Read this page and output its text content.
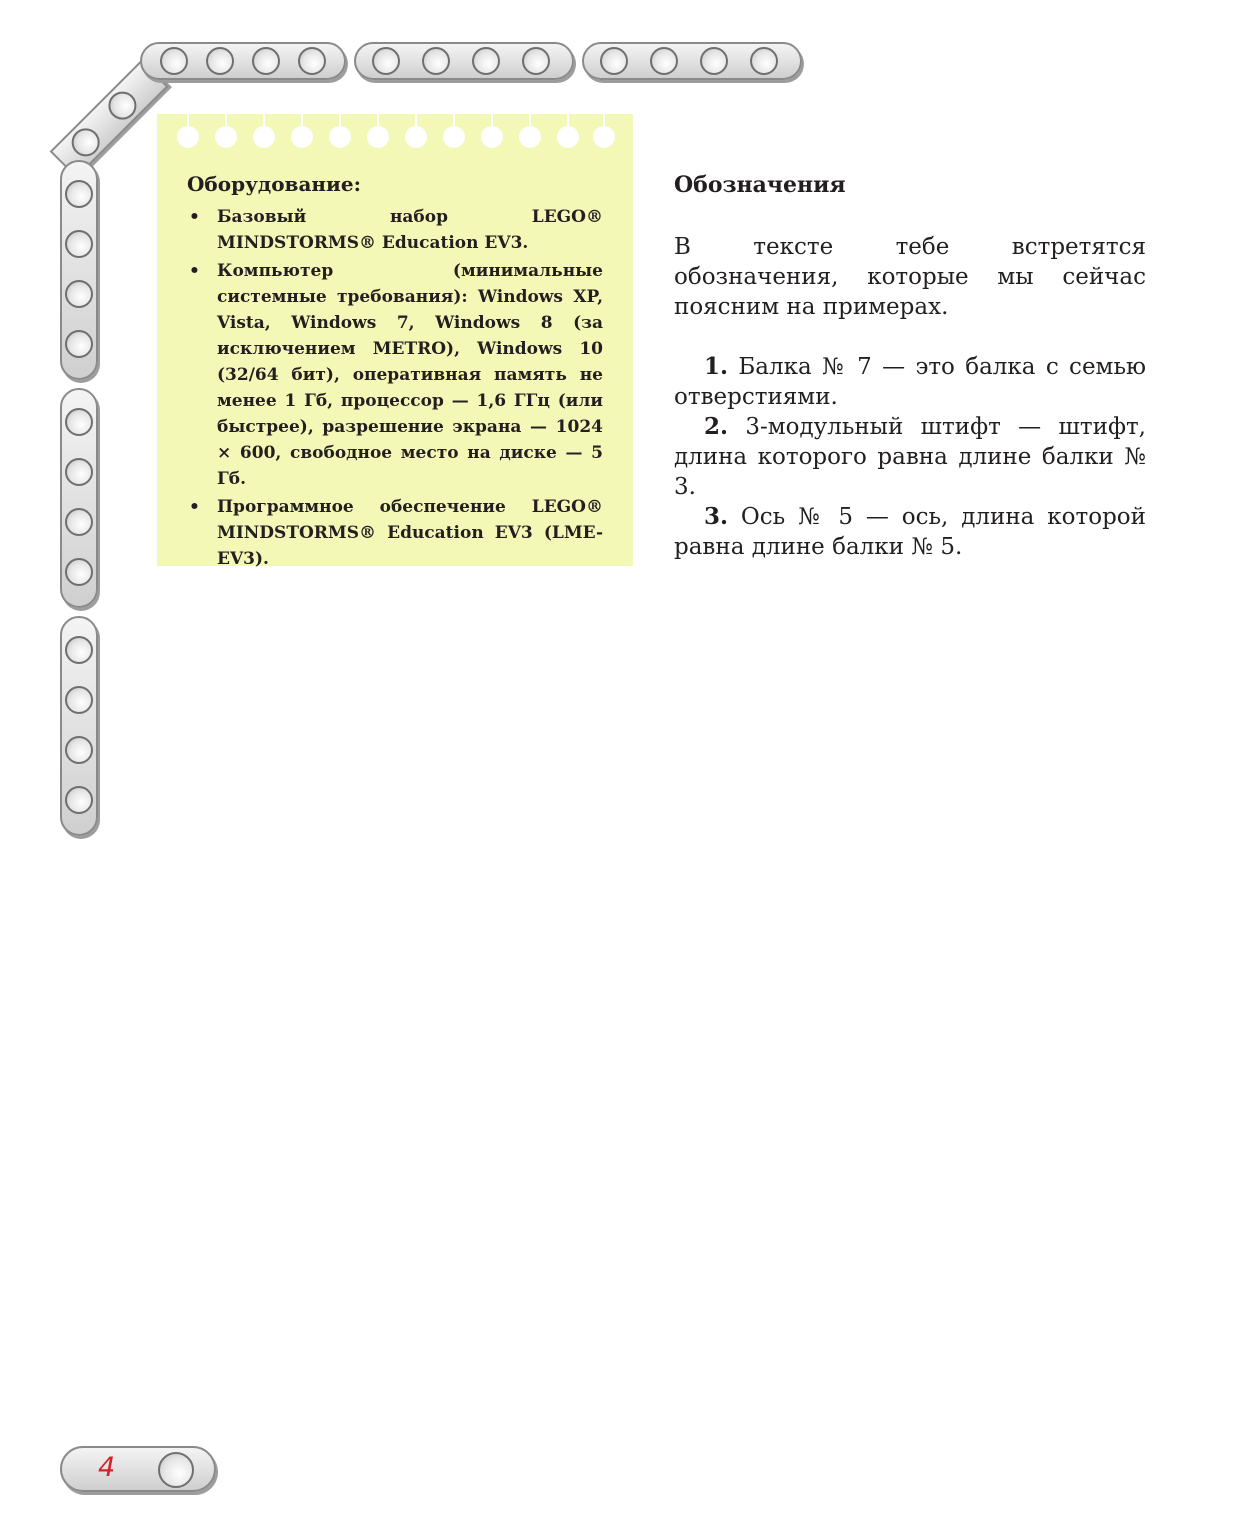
Оборудование:
• Базовый набор LEGO® MINDSTORMS® Education EV3.
• Компьютер (минимальные системные требования): Windows XP, Vista, Windows 7, Windows 8 (за исключением METRO), Windows 10 (32/64 бит), оперативная память не менее 1 Гб, процессор — 1,6 ГГц (или быстрее), разрешение экрана — 1024 × 600, свободное место на диске — 5 Гб.
• Программное обеспечение LEGO® MINDSTORMS® Education EV3 (LME-EV3).
Обозначения

В тексте тебе встретятся обозначения, которые мы сейчас поясним на примерах.

1. Балка № 7 — это балка с семью отверстиями.
2. 3-модульный штифт — штифт, длина которого равна длине балки № 3.
3. Ось № 5 — ось, длина которой равна длине балки № 5.
4
